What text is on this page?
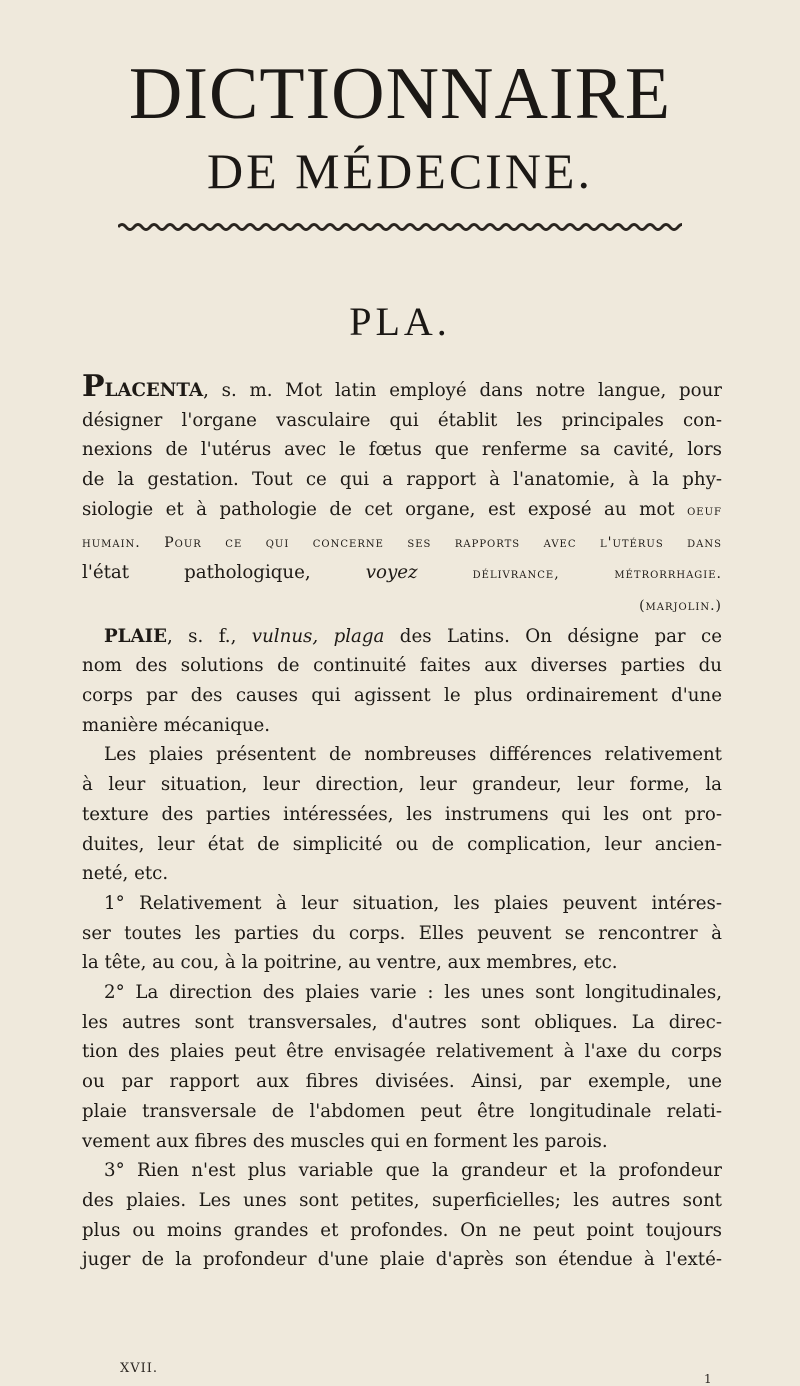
DICTIONNAIRE
DE MÉDECINE.
PLA.
PLACENTA, s. m. Mot latin employé dans notre langue, pour
désigner l'organe vasculaire qui établit les principales con-
nexions de l'utérus avec le fœtus que renferme sa cavité, lors
de la gestation. Tout ce qui a rapport à l'anatomie, à la phy-
siologie et à pathologie de cet organe, est exposé au mot oeuf
humain. Pour ce qui concerne ses rapports avec l'utérus dans
l'état pathologique,	voyez	délivrance, métrorrhagie.
(marjolin.)
PLAIE, s. f., vulnus, plaga des Latins. On désigne par ce
nom des solutions de continuité faites aux diverses parties du
corps par des causes qui agissent le plus ordinairement d'une
manière mécanique.
Les plaies présentent de nombreuses différences relativement
à leur situation, leur direction, leur grandeur, leur forme, la
texture des parties intéressées, les instrumens qui les ont pro-
duites, leur état de simplicité ou de complication, leur ancien-
neté, etc.
1° Relativement à leur situation, les plaies peuvent intéres-
ser toutes les parties du corps. Elles peuvent se rencontrer à
la tête, au cou, à la poitrine, au ventre, aux membres, etc.
2° La direction des plaies varie : les unes sont longitudinales,
les autres sont transversales, d'autres sont obliques. La direc-
tion des plaies peut être envisagée relativement à l'axe du corps
ou par rapport aux fibres divisées. Ainsi, par exemple, une
plaie transversale de l'abdomen peut être longitudinale relati-
vement aux fibres des muscles qui en forment les parois.
3° Rien n'est plus variable que la grandeur et la profondeur
des plaies. Les unes sont petites, superficielles; les autres sont
plus ou moins grandes et profondes. On ne peut point toujours
juger de la profondeur d'une plaie d'après son étendue à l'exté-
XVII.
1
